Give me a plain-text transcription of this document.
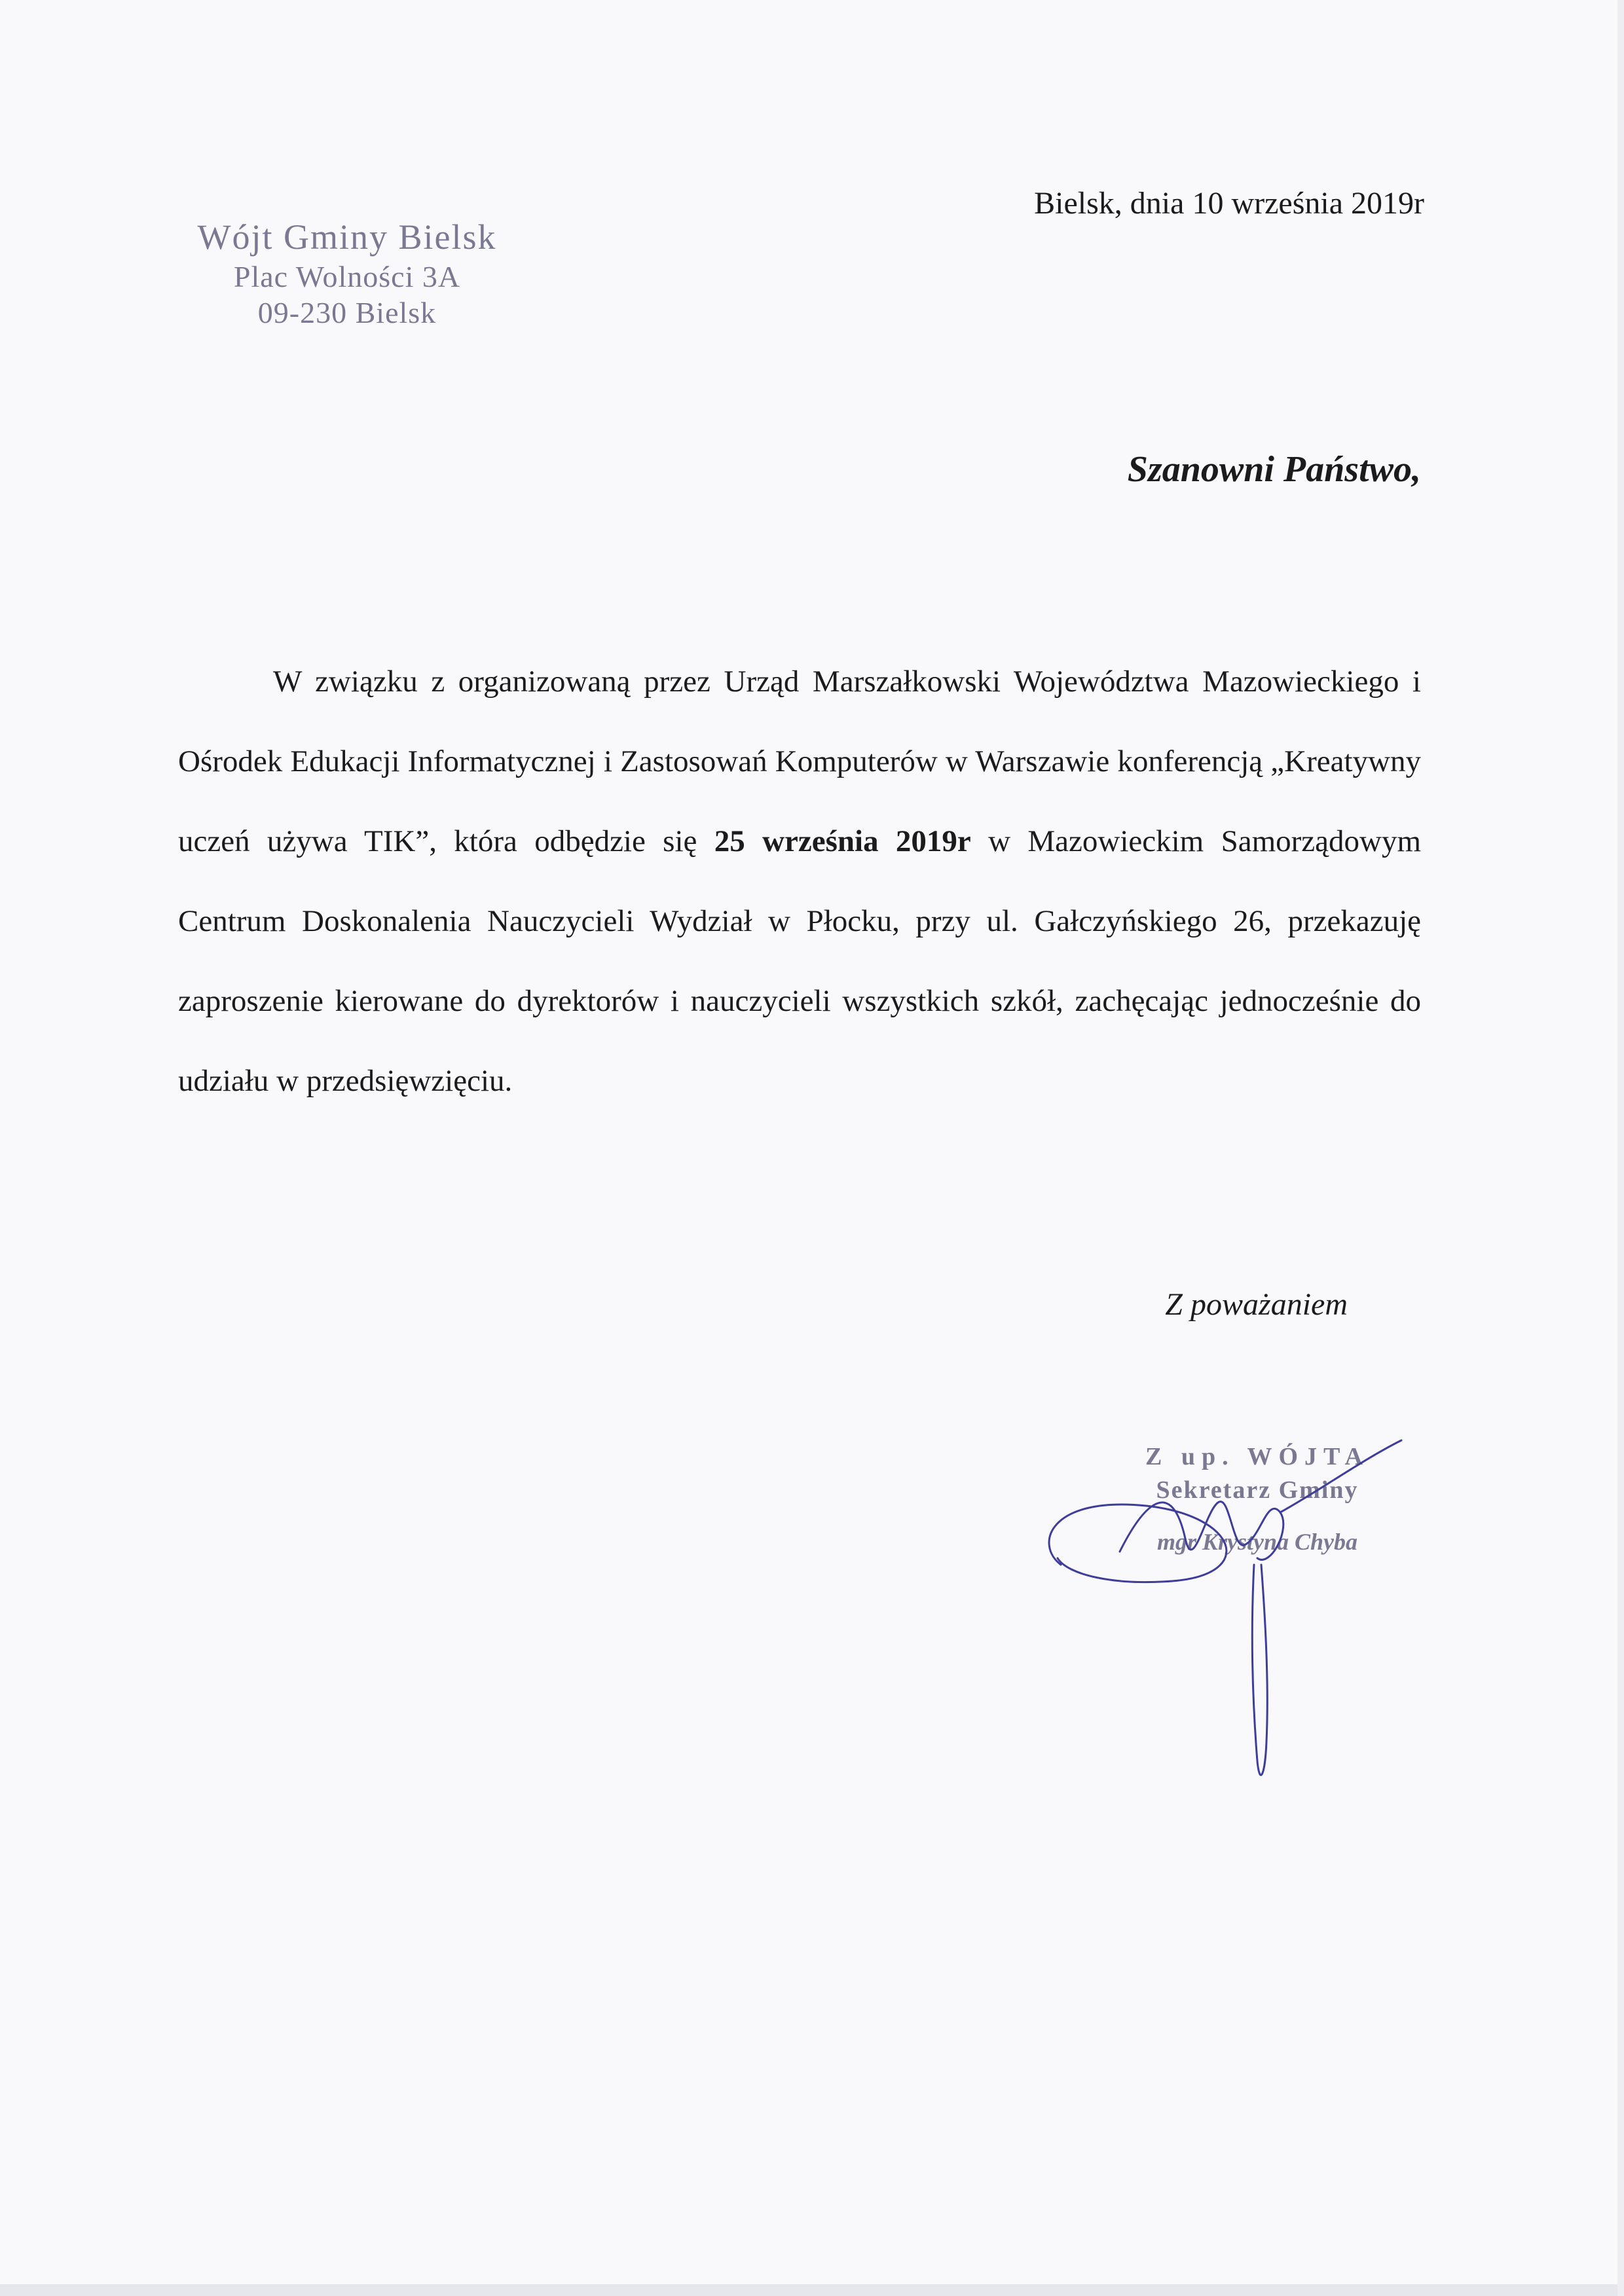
Wójt Gminy Bielsk
Plac Wolności 3A
09-230 Bielsk
Bielsk, dnia 10 września 2019r
Szanowni Państwo,

W związku z organizowaną przez Urząd Marszałkowski Województwa Mazowieckiego i Ośrodek Edukacji Informatycznej i Zastosowań Komputerów w Warszawie konferencją „Kreatywny uczeń używa TIK”, która odbędzie się 25 września 2019r w Mazowieckim Samorządowym Centrum Doskonalenia Nauczycieli Wydział w Płocku, przy ul. Gałczyńskiego 26, przekazuję zaproszenie kierowane do dyrektorów i nauczycieli wszystkich szkół, zachęcając jednocześnie do udziału w przedsięwzięciu.

Z poważaniem
Z up. WÓJTA
Sekretarz Gminy
mgr Krystyna Chyba
